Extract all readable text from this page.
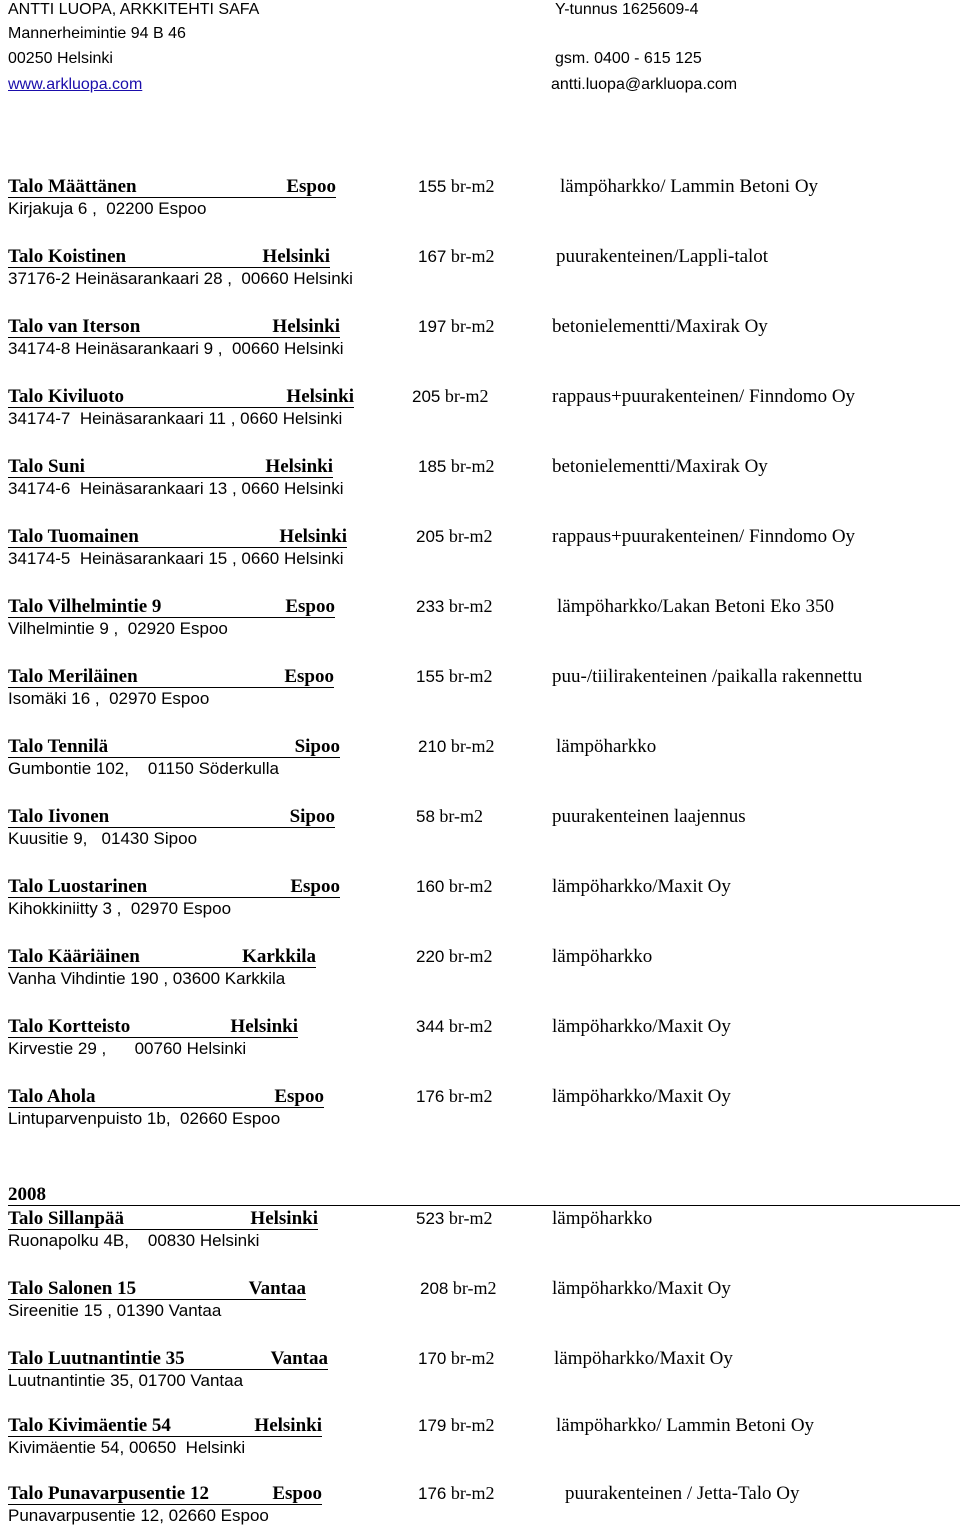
ANTTI LUOPA, ARKKITEHTI SAFA
Mannerheimintie 94 B 46
00250 Helsinki
www.arkluopa.com
Y-tunnus 1625609-4
gsm. 0400 - 615 125
antti.luopa@arkluopa.com
2008
Talo Määttänen	Espoo	155 br-m2	lämpöharkko/ Lammin Betoni Oy
Kirjakuja 6 ,  02200 Espoo
Talo Koistinen	Helsinki	167 br-m2	puurakenteinen/Lappli-talot
37176-2 Heinäsarankaari 28 ,  00660 Helsinki
Talo van Iterson	Helsinki	197 br-m2	betonielementti/Maxirak Oy
34174-8 Heinäsarankaari 9 ,  00660 Helsinki
Talo Kiviluoto	Helsinki	205 br-m2	rappaus+puurakenteinen/ Finndomo Oy
34174-7  Heinäsarankaari 11 , 0660 Helsinki
Talo Suni	Helsinki	185 br-m2	betonielementti/Maxirak Oy
34174-6  Heinäsarankaari 13 , 0660 Helsinki
Talo Tuomainen	Helsinki	205 br-m2	rappaus+puurakenteinen/ Finndomo Oy
34174-5  Heinäsarankaari 15 , 0660 Helsinki
Talo Vilhelmintie 9	Espoo	233 br-m2	lämpöharkko/Lakan Betoni Eko 350
Vilhelmintie 9 ,  02920 Espoo
Talo Meriläinen	Espoo	155 br-m2	puu-/tiilirakenteinen /paikalla rakennettu
Isomäki 16 ,  02970 Espoo
Talo Tennilä	Sipoo	210 br-m2	lämpöharkko
Gumbontie 102,    01150 Söderkulla
Talo Iivonen	Sipoo	58 br-m2	puurakenteinen laajennus
Kuusitie 9,   01430 Sipoo
Talo Luostarinen	Espoo	160 br-m2	lämpöharkko/Maxit Oy
Kihokkiniitty 3 ,  02970 Espoo
Talo Kääriäinen	Karkkila	220 br-m2	lämpöharkko
Vanha Vihdintie 190 , 03600 Karkkila
Talo Kortteisto	Helsinki	344 br-m2	lämpöharkko/Maxit Oy
Kirvestie 29 ,      00760 Helsinki
Talo Ahola	Espoo	176 br-m2	lämpöharkko/Maxit Oy
Lintuparvenpuisto 1b,  02660 Espoo
Talo Sillanpää	Helsinki	523 br-m2	lämpöharkko
Ruonapolku 4B,    00830 Helsinki
Talo Salonen 15	Vantaa	208 br-m2	lämpöharkko/Maxit Oy
Sireenitie 15 , 01390 Vantaa
Talo Luutnantintie 35	Vantaa	170 br-m2	lämpöharkko/Maxit Oy
Luutnantintie 35, 01700 Vantaa
Talo Kivimäentie 54	Helsinki	179 br-m2	lämpöharkko/ Lammin Betoni Oy
Kivimäentie 54, 00650  Helsinki
Talo Punavarpusentie 12	Espoo	176 br-m2	puurakenteinen / Jetta-Talo Oy
Punavarpusentie 12, 02660 Espoo
